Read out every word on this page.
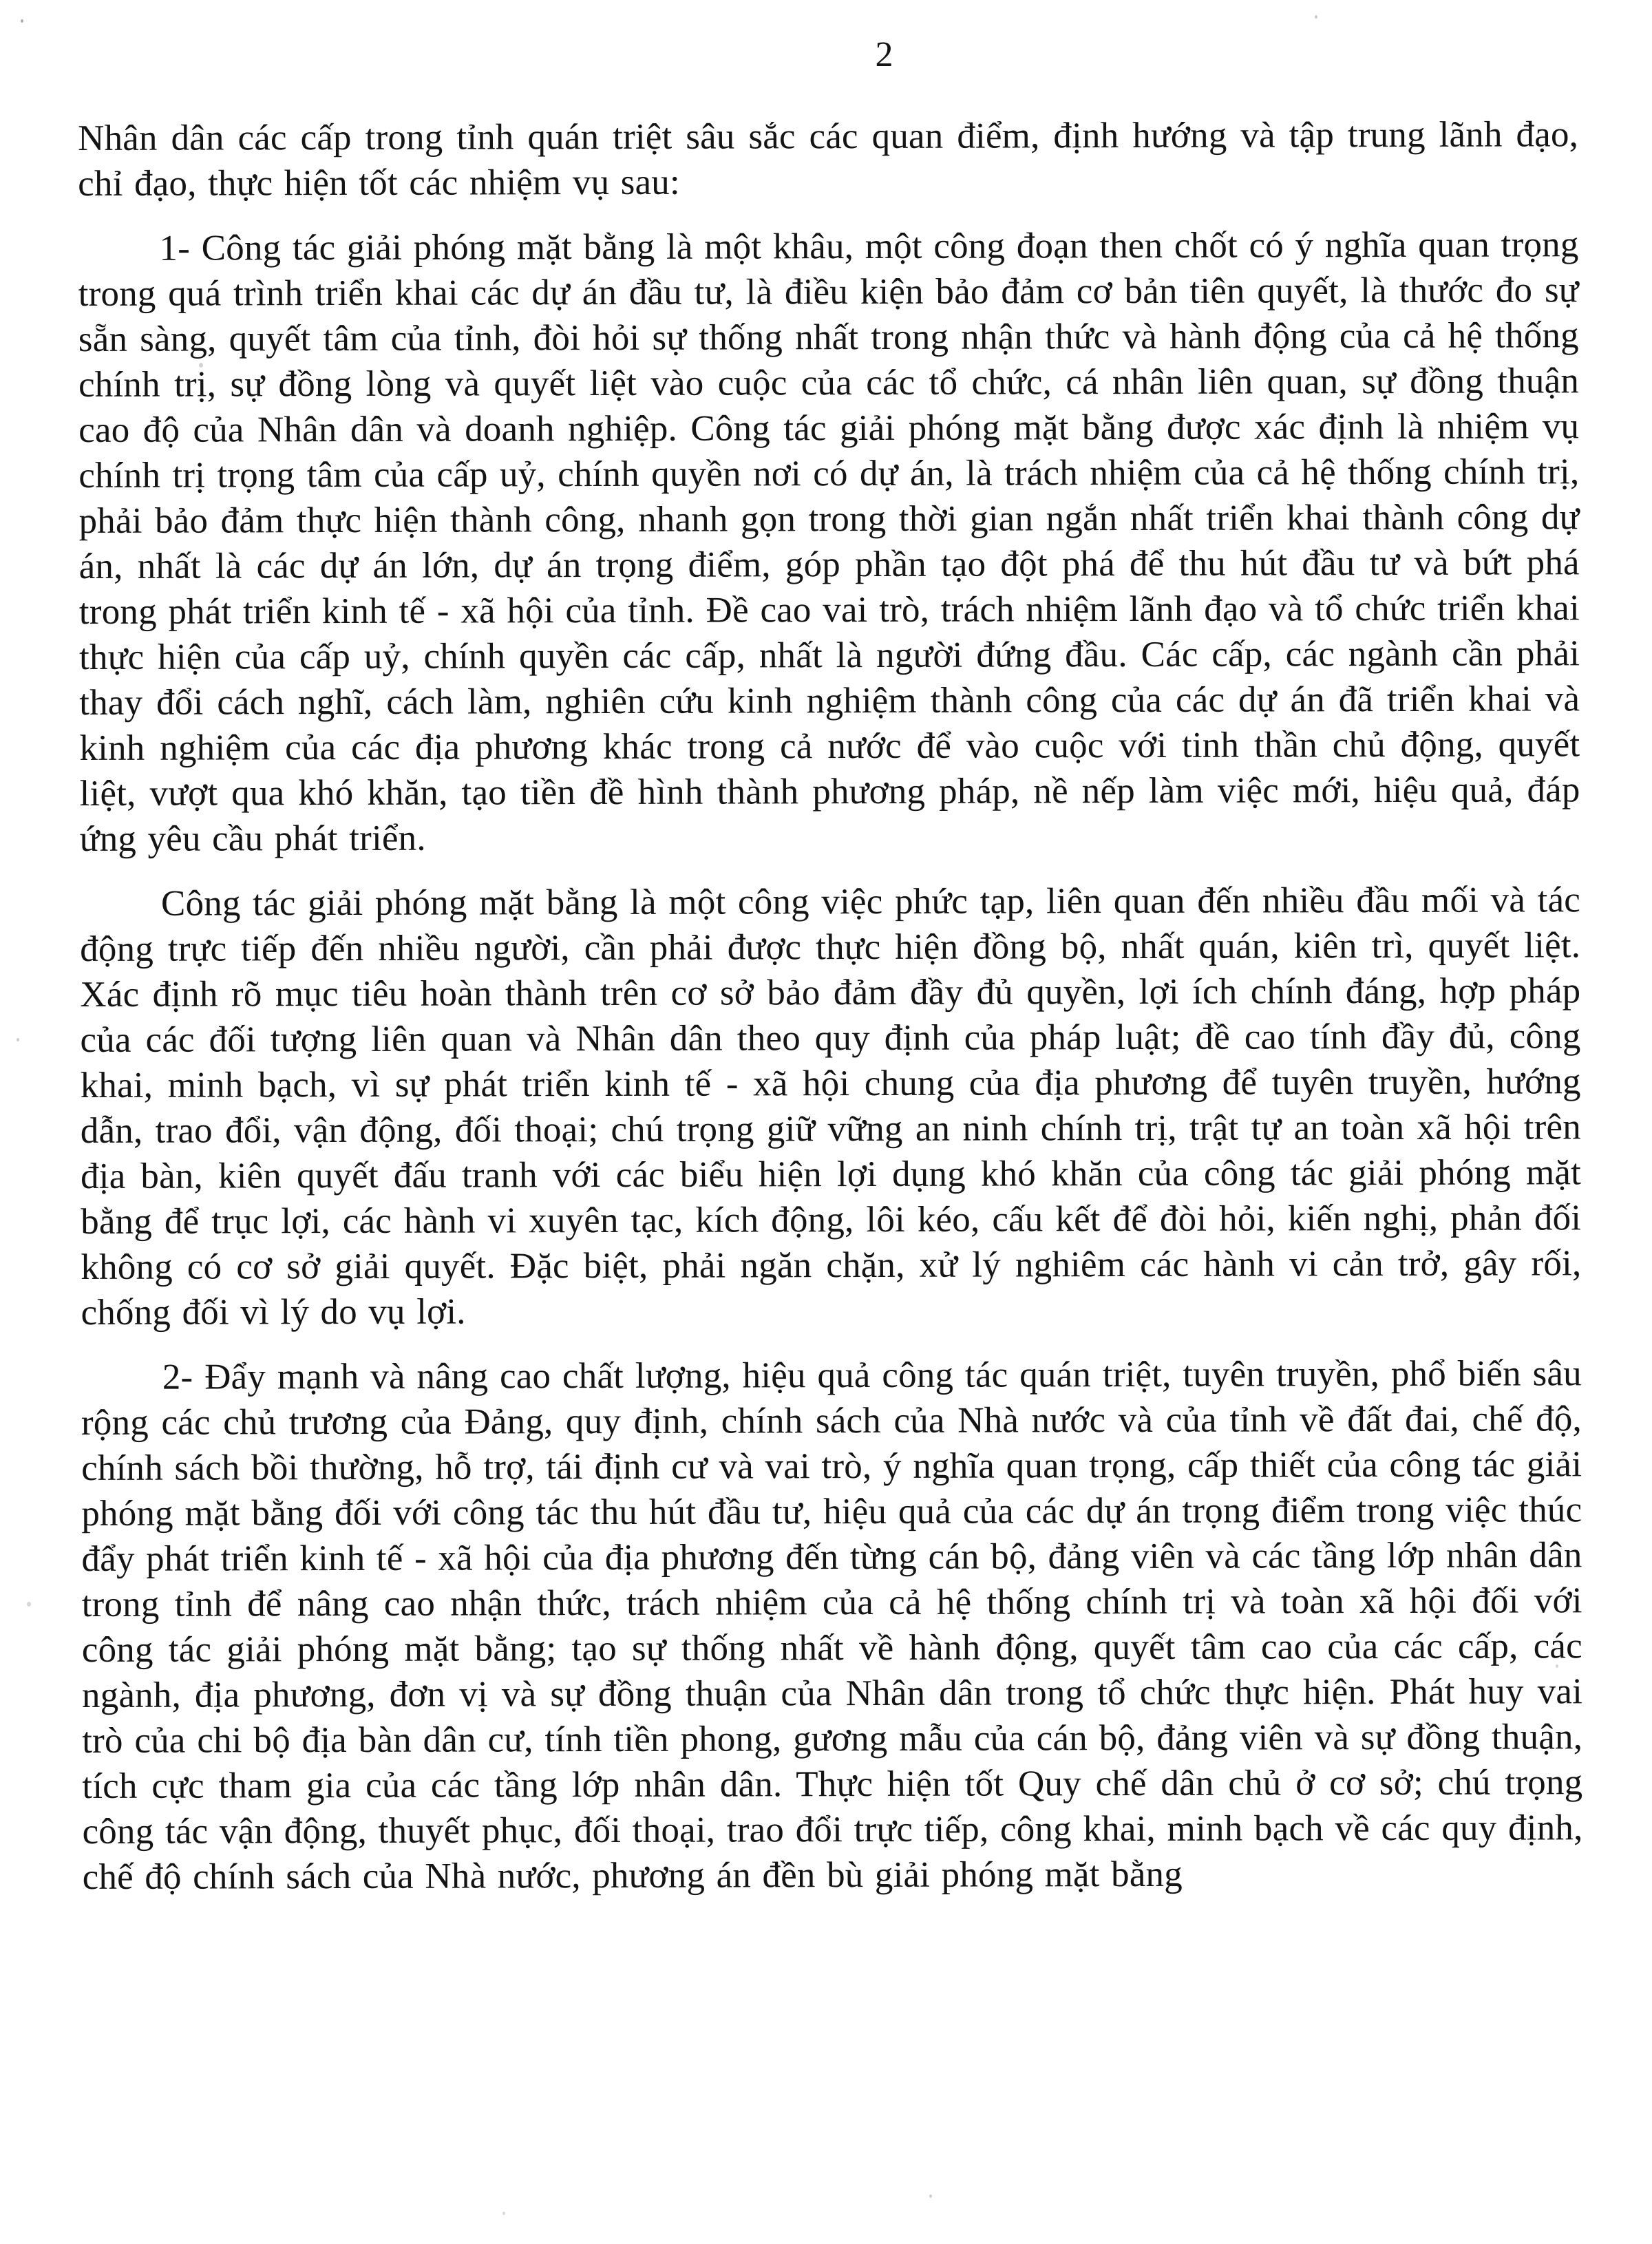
2

Nhân dân các cấp trong tỉnh quán triệt sâu sắc các quan điểm, định hướng và tập trung lãnh đạo, chỉ đạo, thực hiện tốt các nhiệm vụ sau:

1- Công tác giải phóng mặt bằng là một khâu, một công đoạn then chốt có ý nghĩa quan trọng trong quá trình triển khai các dự án đầu tư, là điều kiện bảo đảm cơ bản tiên quyết, là thước đo sự sẵn sàng, quyết tâm của tỉnh, đòi hỏi sự thống nhất trong nhận thức và hành động của cả hệ thống chính trị, sự đồng lòng và quyết liệt vào cuộc của các tổ chức, cá nhân liên quan, sự đồng thuận cao độ của Nhân dân và doanh nghiệp. Công tác giải phóng mặt bằng được xác định là nhiệm vụ chính trị trọng tâm của cấp uỷ, chính quyền nơi có dự án, là trách nhiệm của cả hệ thống chính trị, phải bảo đảm thực hiện thành công, nhanh gọn trong thời gian ngắn nhất triển khai thành công dự án, nhất là các dự án lớn, dự án trọng điểm, góp phần tạo đột phá để thu hút đầu tư và bứt phá trong phát triển kinh tế - xã hội của tỉnh. Đề cao vai trò, trách nhiệm lãnh đạo và tổ chức triển khai thực hiện của cấp uỷ, chính quyền các cấp, nhất là người đứng đầu. Các cấp, các ngành cần phải thay đổi cách nghĩ, cách làm, nghiên cứu kinh nghiệm thành công của các dự án đã triển khai và kinh nghiệm của các địa phương khác trong cả nước để vào cuộc với tinh thần chủ động, quyết liệt, vượt qua khó khăn, tạo tiền đề hình thành phương pháp, nề nếp làm việc mới, hiệu quả, đáp ứng yêu cầu phát triển.

Công tác giải phóng mặt bằng là một công việc phức tạp, liên quan đến nhiều đầu mối và tác động trực tiếp đến nhiều người, cần phải được thực hiện đồng bộ, nhất quán, kiên trì, quyết liệt. Xác định rõ mục tiêu hoàn thành trên cơ sở bảo đảm đầy đủ quyền, lợi ích chính đáng, hợp pháp của các đối tượng liên quan và Nhân dân theo quy định của pháp luật; đề cao tính đầy đủ, công khai, minh bạch, vì sự phát triển kinh tế - xã hội chung của địa phương để tuyên truyền, hướng dẫn, trao đổi, vận động, đối thoại; chú trọng giữ vững an ninh chính trị, trật tự an toàn xã hội trên địa bàn, kiên quyết đấu tranh với các biểu hiện lợi dụng khó khăn của công tác giải phóng mặt bằng để trục lợi, các hành vi xuyên tạc, kích động, lôi kéo, cấu kết để đòi hỏi, kiến nghị, phản đối không có cơ sở giải quyết. Đặc biệt, phải ngăn chặn, xử lý nghiêm các hành vi cản trở, gây rối, chống đối vì lý do vụ lợi.

2- Đẩy mạnh và nâng cao chất lượng, hiệu quả công tác quán triệt, tuyên truyền, phổ biến sâu rộng các chủ trương của Đảng, quy định, chính sách của Nhà nước và của tỉnh về đất đai, chế độ, chính sách bồi thường, hỗ trợ, tái định cư và vai trò, ý nghĩa quan trọng, cấp thiết của công tác giải phóng mặt bằng đối với công tác thu hút đầu tư, hiệu quả của các dự án trọng điểm trong việc thúc đẩy phát triển kinh tế - xã hội của địa phương đến từng cán bộ, đảng viên và các tầng lớp nhân dân trong tỉnh để nâng cao nhận thức, trách nhiệm của cả hệ thống chính trị và toàn xã hội đối với công tác giải phóng mặt bằng; tạo sự thống nhất về hành động, quyết tâm cao của các cấp, các ngành, địa phương, đơn vị và sự đồng thuận của Nhân dân trong tổ chức thực hiện. Phát huy vai trò của chi bộ địa bàn dân cư, tính tiền phong, gương mẫu của cán bộ, đảng viên và sự đồng thuận, tích cực tham gia của các tầng lớp nhân dân. Thực hiện tốt Quy chế dân chủ ở cơ sở; chú trọng công tác vận động, thuyết phục, đối thoại, trao đổi trực tiếp, công khai, minh bạch về các quy định, chế độ chính sách của Nhà nước, phương án đền bù giải phóng mặt bằng
